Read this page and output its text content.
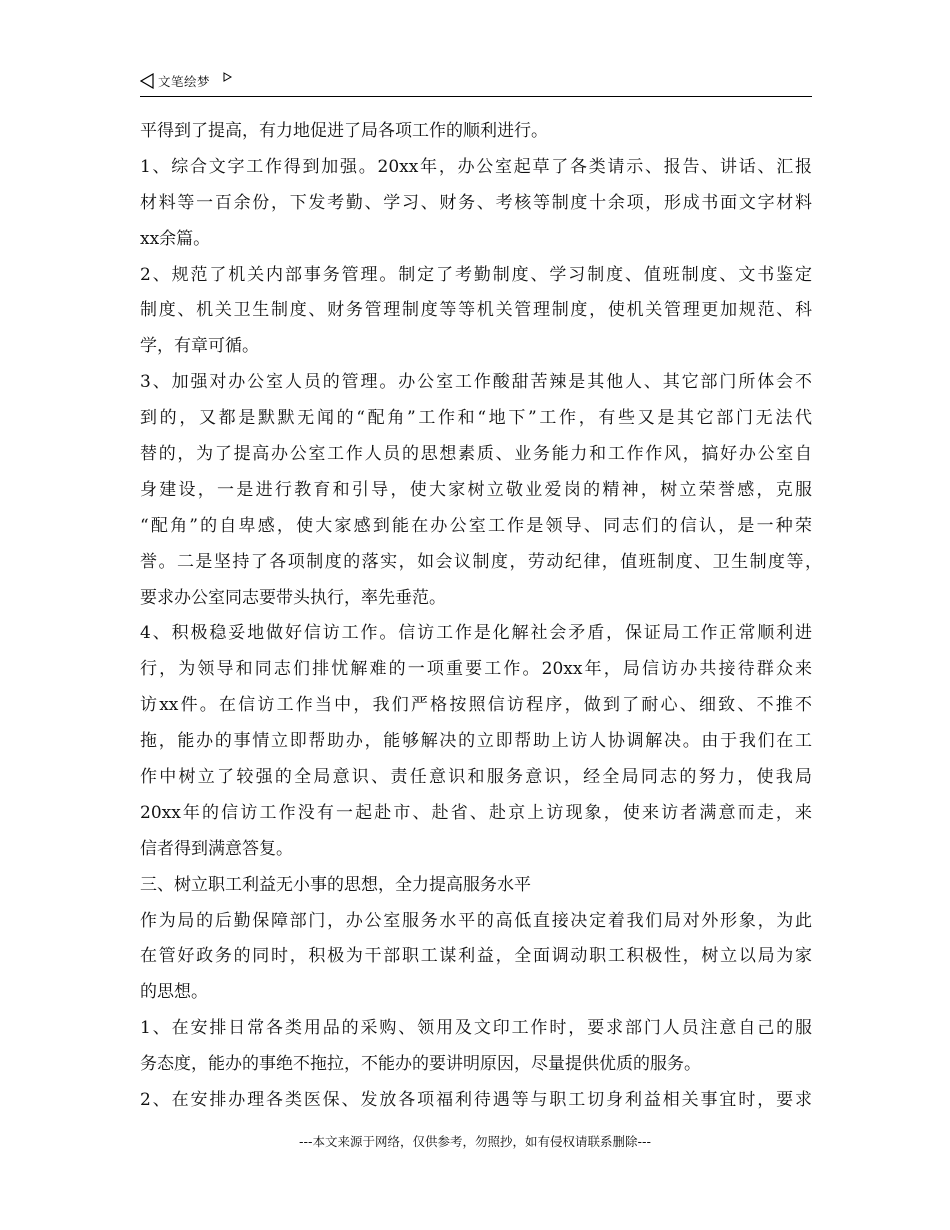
文笔绘梦
平得到了提高，有力地促进了局各项工作的顺利进行。
1、综合文字工作得到加强。20xx年，办公室起草了各类请示、报告、讲话、汇报
材料等一百余份，下发考勤、学习、财务、考核等制度十余项，形成书面文字材料
xx余篇。
2、规范了机关内部事务管理。制定了考勤制度、学习制度、值班制度、文书鉴定
制度、机关卫生制度、财务管理制度等等机关管理制度，使机关管理更加规范、科
学，有章可循。
3、加强对办公室人员的管理。办公室工作酸甜苦辣是其他人、其它部门所体会不
到的，又都是默默无闻的“配角”工作和“地下”工作，有些又是其它部门无法代
替的，为了提高办公室工作人员的思想素质、业务能力和工作作风，搞好办公室自
身建设，一是进行教育和引导，使大家树立敬业爱岗的精神，树立荣誉感，克服
“配角”的自卑感，使大家感到能在办公室工作是领导、同志们的信认，是一种荣
誉。二是坚持了各项制度的落实，如会议制度，劳动纪律，值班制度、卫生制度等，
要求办公室同志要带头执行，率先垂范。
4、积极稳妥地做好信访工作。信访工作是化解社会矛盾，保证局工作正常顺利进
行，为领导和同志们排忧解难的一项重要工作。20xx年，局信访办共接待群众来
访xx件。在信访工作当中，我们严格按照信访程序，做到了耐心、细致、不推不
拖，能办的事情立即帮助办，能够解决的立即帮助上访人协调解决。由于我们在工
作中树立了较强的全局意识、责任意识和服务意识，经全局同志的努力，使我局
20xx年的信访工作没有一起赴市、赴省、赴京上访现象，使来访者满意而走，来
信者得到满意答复。
三、树立职工利益无小事的思想，全力提高服务水平
作为局的后勤保障部门，办公室服务水平的高低直接决定着我们局对外形象，为此
在管好政务的同时，积极为干部职工谋利益，全面调动职工积极性，树立以局为家
的思想。
1、在安排日常各类用品的采购、领用及文印工作时，要求部门人员注意自己的服
务态度，能办的事绝不拖拉，不能办的要讲明原因，尽量提供优质的服务。
2、在安排办理各类医保、发放各项福利待遇等与职工切身利益相关事宜时，要求
---本文来源于网络，仅供参考，勿照抄，如有侵权请联系删除---
